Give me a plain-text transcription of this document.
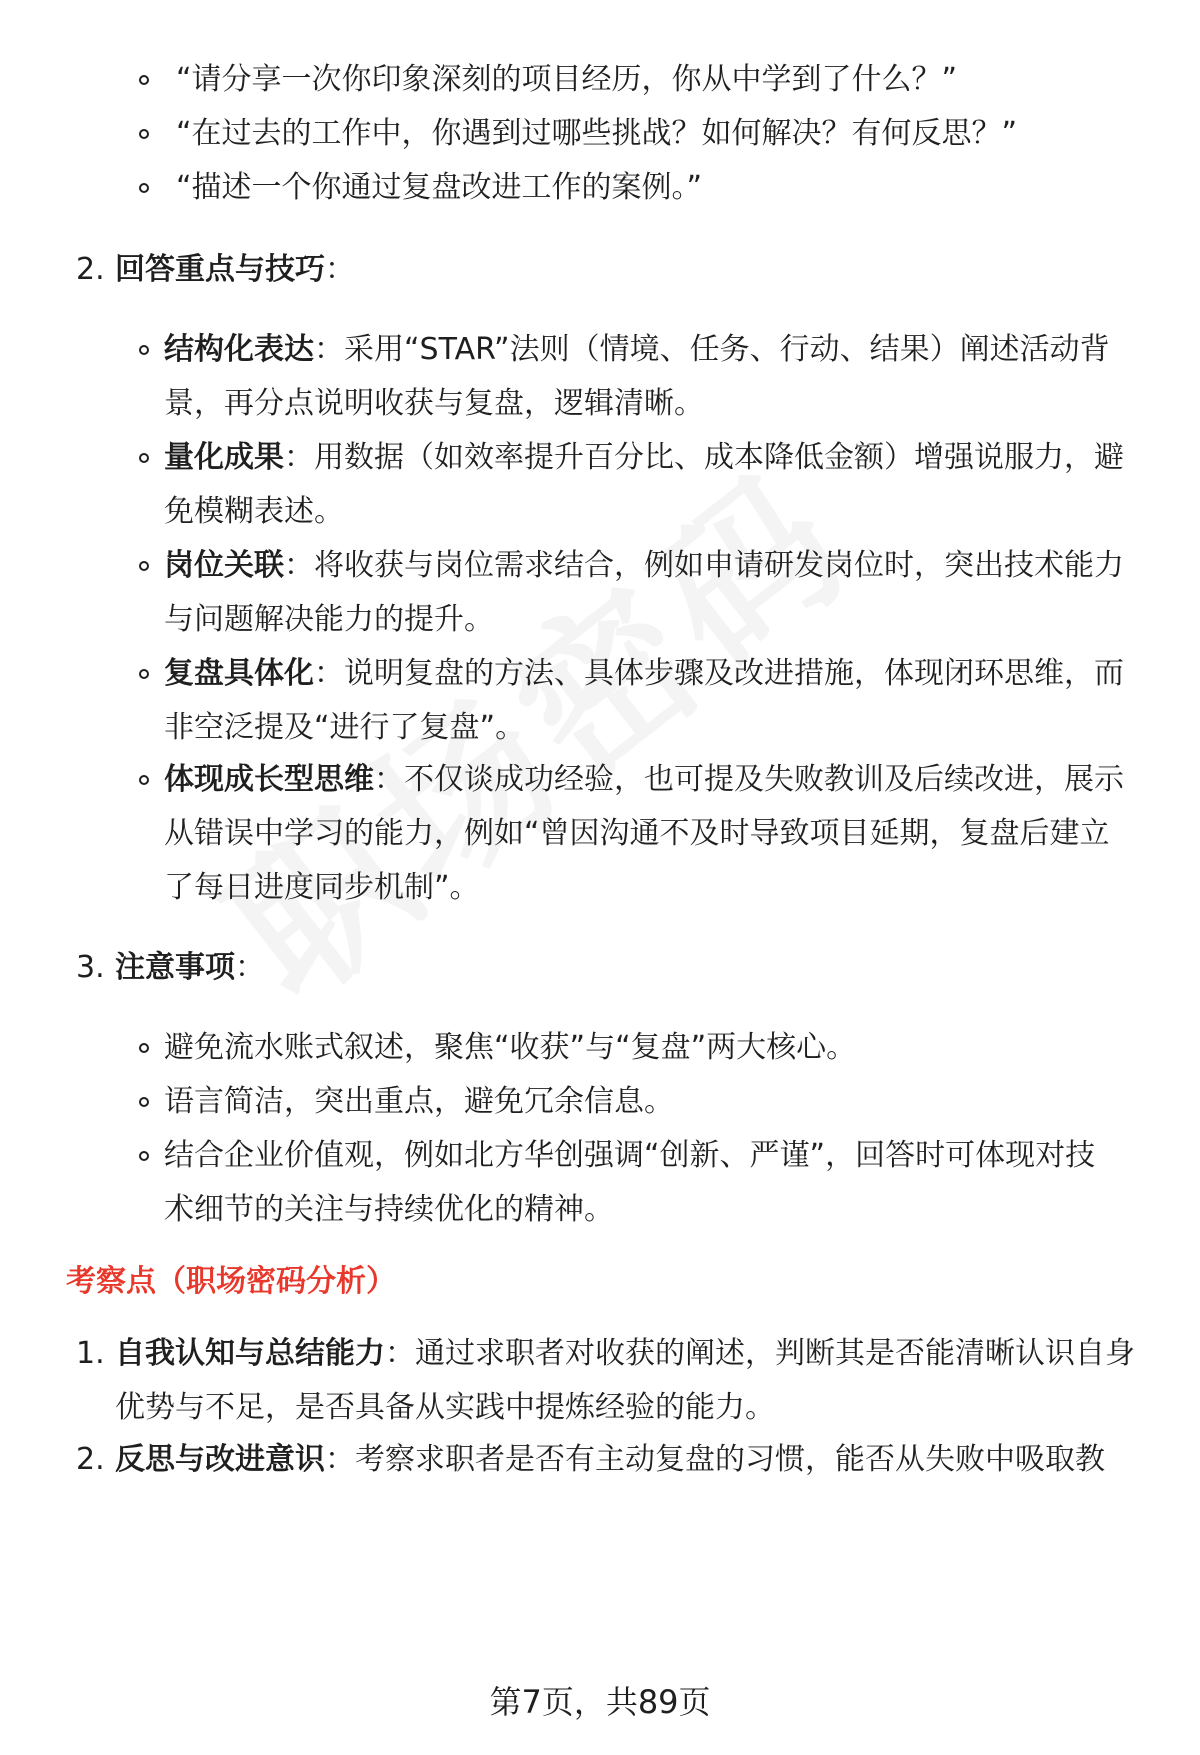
“请分享一次你印象深刻的项目经历，你从中学到了什么？”
“在过去的工作中，你遇到过哪些挑战？如何解决？有何反思？”
“描述一个你通过复盘改进工作的案例。”
2. 回答重点与技巧：
结构化表达：采用“STAR”法则（情境、任务、行动、结果）阐述活动背
景，再分点说明收获与复盘，逻辑清晰。
量化成果：用数据（如效率提升百分比、成本降低金额）增强说服力，避
免模糊表述。
岗位关联：将收获与岗位需求结合，例如申请研发岗位时，突出技术能力
与问题解决能力的提升。
复盘具体化：说明复盘的方法、具体步骤及改进措施，体现闭环思维，而
非空泛提及“进行了复盘”。
体现成长型思维：不仅谈成功经验，也可提及失败教训及后续改进，展示
从错误中学习的能力，例如“曾因沟通不及时导致项目延期，复盘后建立
了每日进度同步机制”。
3. 注意事项：
避免流水账式叙述，聚焦“收获”与“复盘”两大核心。
语言简洁，突出重点，避免冗余信息。
结合企业价值观，例如北方华创强调“创新、严谨”，回答时可体现对技
术细节的关注与持续优化的精神。
考察点（职场密码分析）
1. 自我认知与总结能力：通过求职者对收获的阐述，判断其是否能清晰认识自身
优势与不足，是否具备从实践中提炼经验的能力。
2. 反思与改进意识：考察求职者是否有主动复盘的习惯，能否从失败中吸取教
第7页，共89页
